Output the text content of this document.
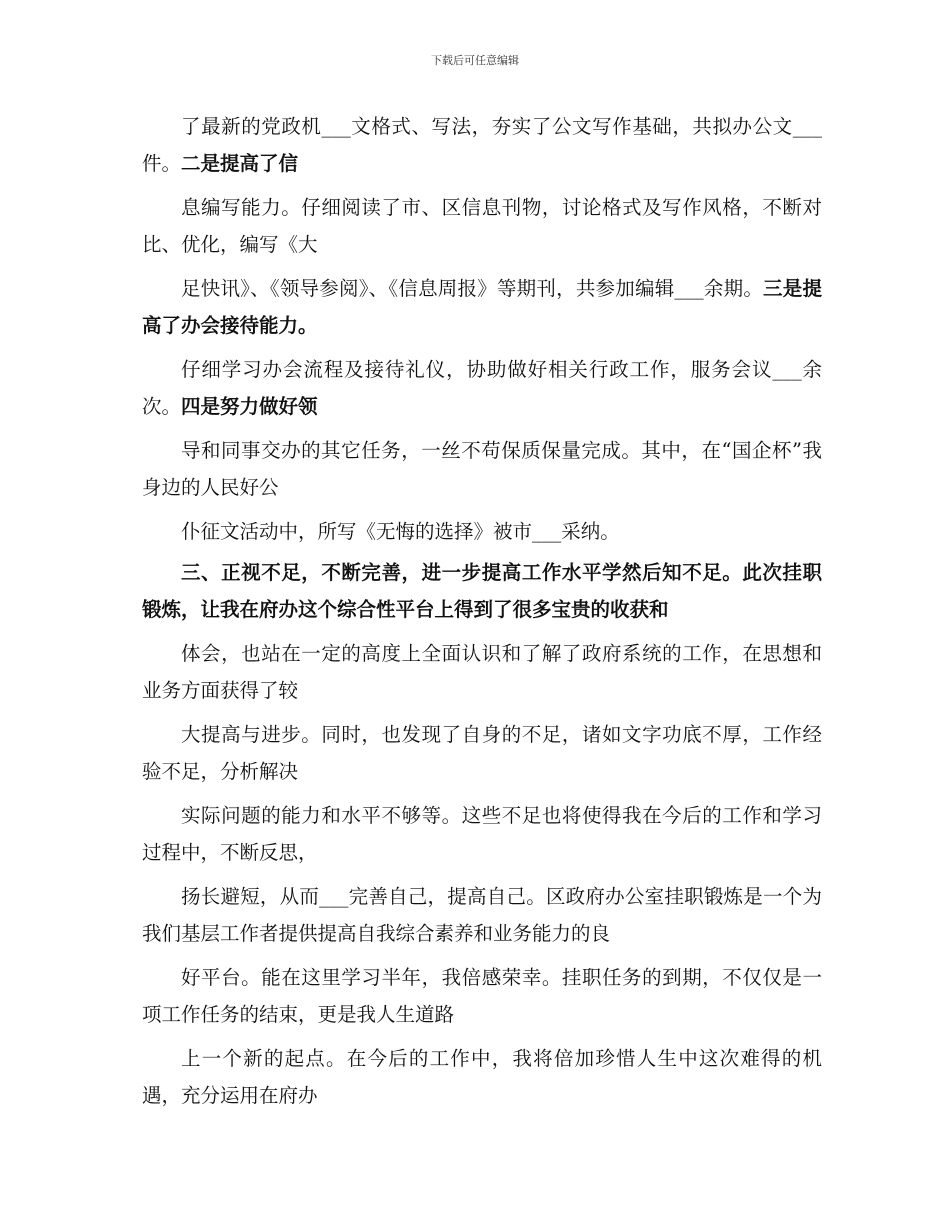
下载后可任意编辑

了最新的党政机___文格式、写法，夯实了公文写作基础，共拟办公文___件。二是提高了信

息编写能力。仔细阅读了市、区信息刊物，讨论格式及写作风格，不断对比、优化，编写《大

足快讯》、《领导参阅》、《信息周报》等期刊，共参加编辑___余期。三是提高了办会接待能力。

仔细学习办会流程及接待礼仪，协助做好相关行政工作，服务会议___余次。四是努力做好领

导和同事交办的其它任务，一丝不苟保质保量完成。其中，在“国企杯”我身边的人民好公

仆征文活动中，所写《无悔的选择》被市___采纳。

三、正视不足，不断完善，进一步提高工作水平学然后知不足。此次挂职锻炼，让我在府办这个综合性平台上得到了很多宝贵的收获和

体会，也站在一定的高度上全面认识和了解了政府系统的工作，在思想和业务方面获得了较

大提高与进步。同时，也发现了自身的不足，诸如文字功底不厚，工作经验不足，分析解决

实际问题的能力和水平不够等。这些不足也将使得我在今后的工作和学习过程中，不断反思，

扬长避短，从而___完善自己，提高自己。区政府办公室挂职锻炼是一个为我们基层工作者提供提高自我综合素养和业务能力的良

好平台。能在这里学习半年，我倍感荣幸。挂职任务的到期，不仅仅是一项工作任务的结束，更是我人生道路

上一个新的起点。在今后的工作中，我将倍加珍惜人生中这次难得的机遇，充分运用在府办
